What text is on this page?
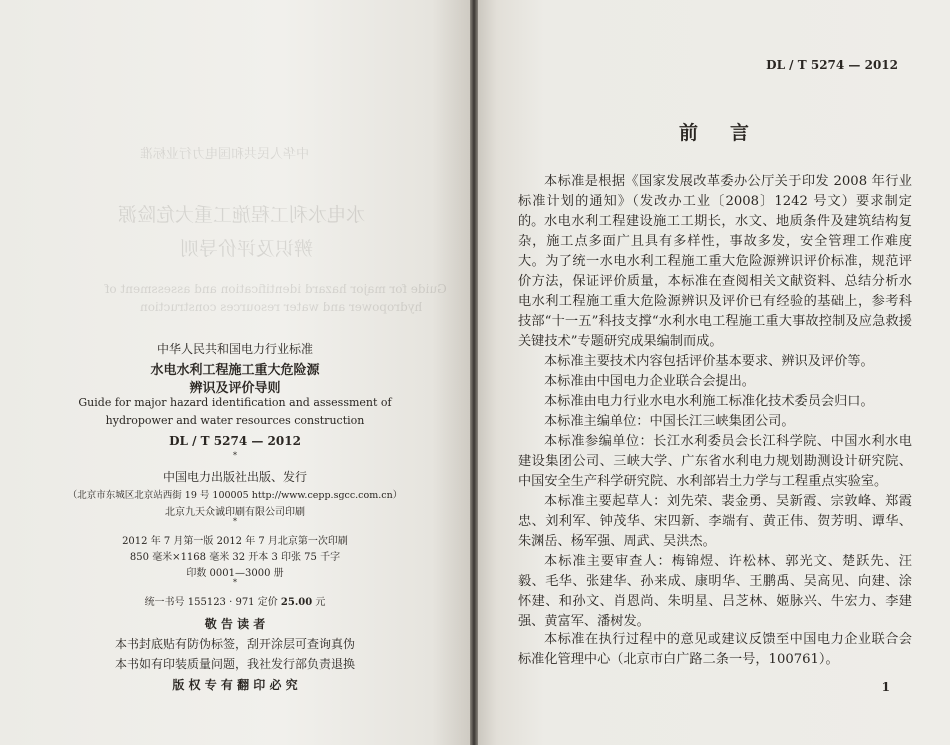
中华人民共和国电力行业标准
水电水利工程施工重大危险源
辨识及评价导则
Guide for major hazard identification and assessment of
hydropower and water resources construction
中华人民共和国电力行业标准
水电水利工程施工重大危险源
辨识及评价导则
Guide for major hazard identification and assessment of
hydropower and water resources construction
DL / T 5274 — 2012
*
中国电力出版社出版、发行
（北京市东城区北京站西街 19 号 100005 http://www.cepp.sgcc.com.cn）
北京九天众诚印刷有限公司印刷
*
2012 年 7 月第一版 2012 年 7 月北京第一次印刷
850 毫米×1168 毫米 32 开本 3 印张 75 千字
印数 0001—3000 册
*
统一书号 155123 · 971 定价 25.00 元
敬 告 读 者
本书封底贴有防伪标签，刮开涂层可查询真伪
本书如有印装质量问题，我社发行部负责退换
版 权 专 有 翻 印 必 究
DL / T 5274 — 2012
前言

本标准是根据《国家发展改革委办公厅关于印发 2008 年行业标准计划的通知》（发改办工业〔2008〕1242 号文）要求制定的。 水电水利工程建设施工工期长，水文、地质条件及建筑结构复杂，施工点多面广且具有多样性，事故多发，安全管理工作难度大。为了统一水电水利工程施工重大危险源辨识评价标准，规范评价方法，保证评价质量，本标准在查阅相关文献资料、总结分析水电水利工程施工重大危险源辨识及评价已有经验的基础上，参考科技部“十一五”科技支撑“水利水电工程施工重大事故控制及应急救援关键技术”专题研究成果编制而成。

本标准主要技术内容包括评价基本要求、辨识及评价等。

本标准由中国电力企业联合会提出。

本标准由电力行业水电水利施工标准化技术委员会归口。

本标准主编单位：中国长江三峡集团公司。

本标准参编单位：长江水利委员会长江科学院、中国水利水电建设集团公司、三峡大学、广东省水利电力规划勘测设计研究院、中国安全生产科学研究院、水利部岩土力学与工程重点实验室。

本标准主要起草人：刘先荣、裴金勇、吴新霞、宗敦峰、郑霞忠、刘利军、钟茂华、宋四新、李端有、黄正伟、贺芳明、谭华、朱渊岳、杨军强、周武、吴洪杰。

本标准主要审查人：梅锦煜、许松林、郭光文、楚跃先、汪毅、毛华、张建华、孙来成、康明华、王鹏禹、吴高见、向建、涂怀建、和孙文、肖恩尚、朱明星、吕芝林、姬脉兴、牛宏力、李建强、黄富军、潘树发。

本标准在执行过程中的意见或建议反馈至中国电力企业联合会标准化管理中心（北京市白广路二条一号，100761）。

1
